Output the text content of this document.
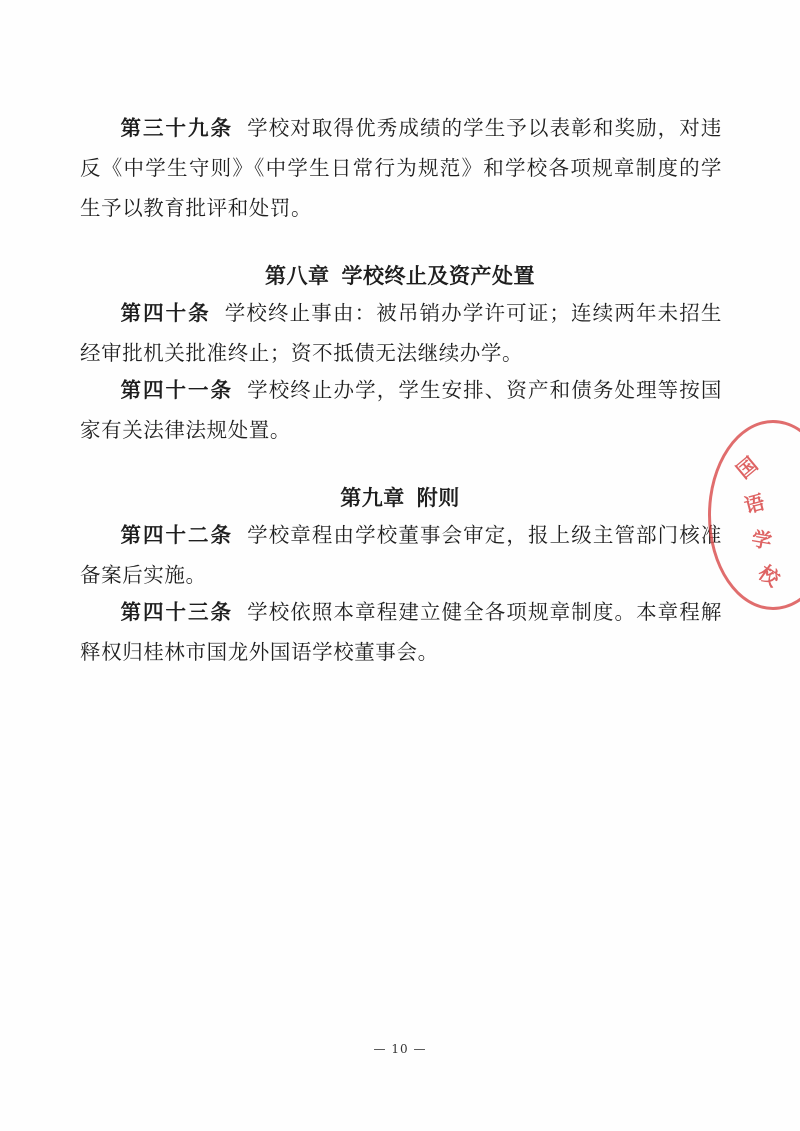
第三十九条 学校对取得优秀成绩的学生予以表彰和奖励，对违反《中学生守则》《中学生日常行为规范》和学校各项规章制度的学生予以教育批评和处罚。

第八章 学校终止及资产处置

第四十条 学校终止事由：被吊销办学许可证；连续两年未招生经审批机关批准终止；资不抵债无法继续办学。

第四十一条 学校终止办学，学生安排、资产和债务处理等按国家有关法律法规处置。

第九章 附则

第四十二条 学校章程由学校董事会审定，报上级主管部门核准备案后实施。

第四十三条 学校依照本章程建立健全各项规章制度。本章程解释权归桂林市国龙外国语学校董事会。

国
语
学
校
— 10 —
